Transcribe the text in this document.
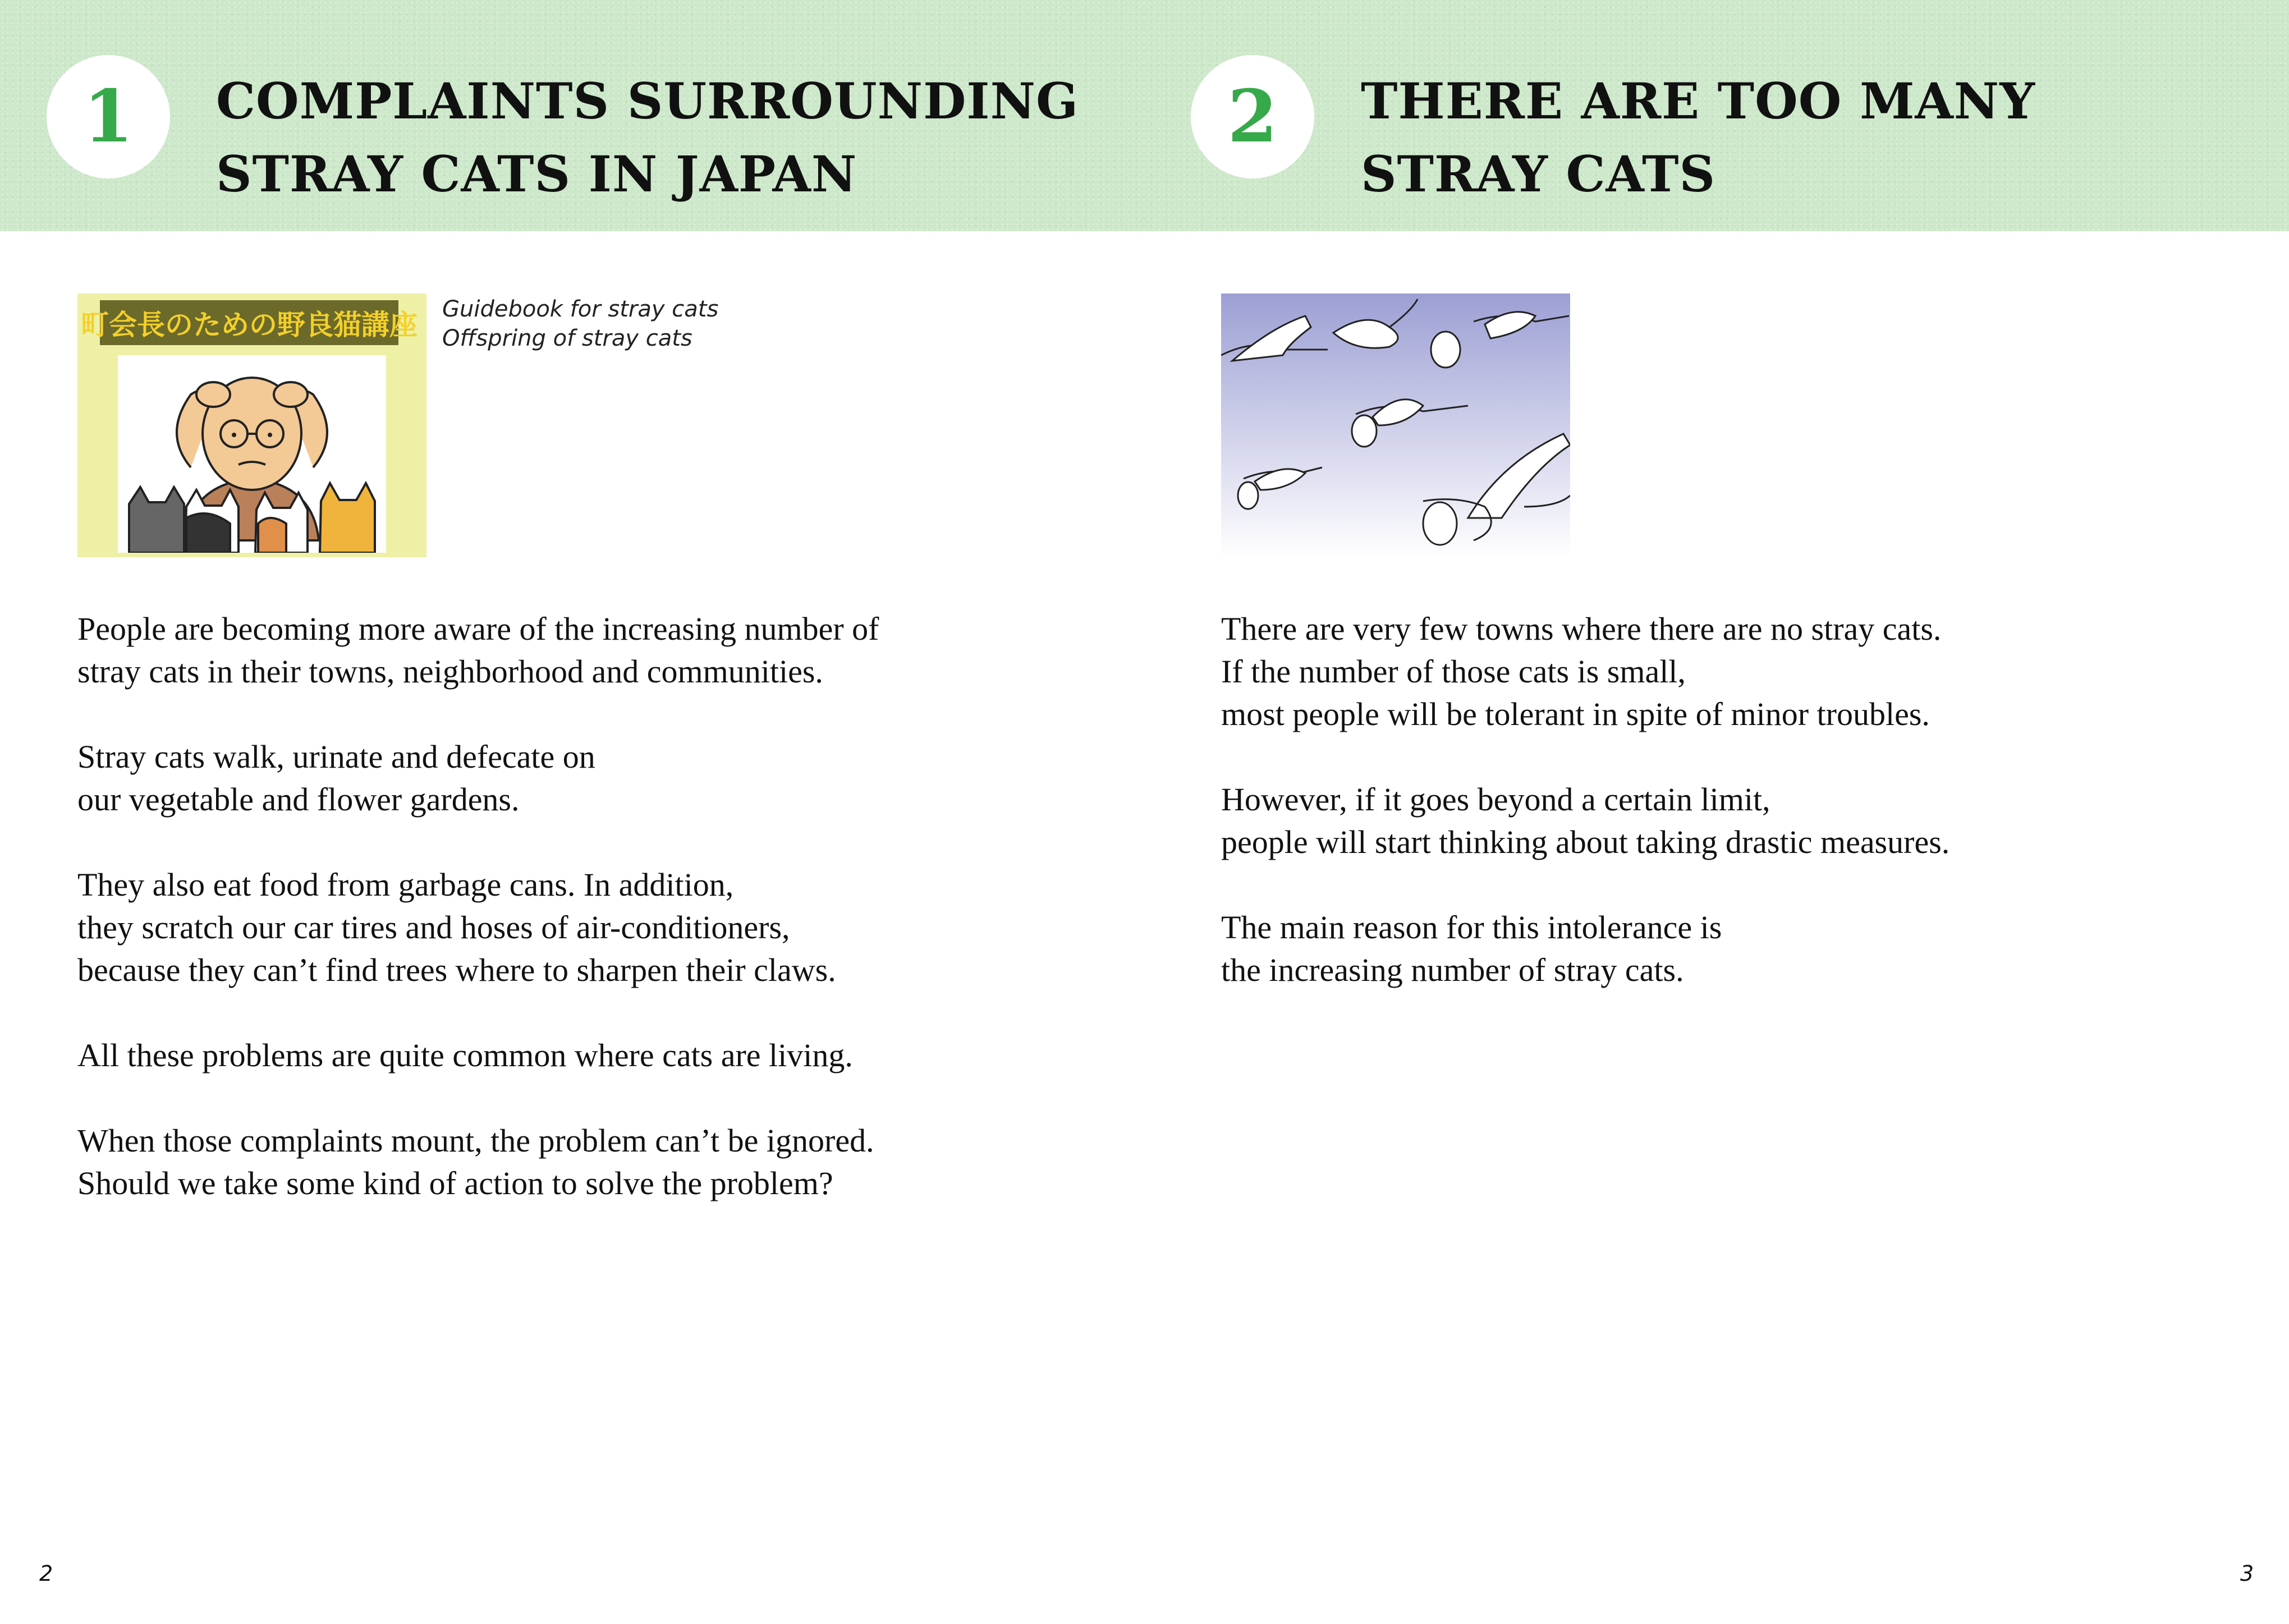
1 COMPLAINTS SURROUNDING
STRAY CATS IN JAPAN
2 THERE ARE TOO MANY
STRAY CATS
町会長のための野良猫講座 Guidebook for stray cats
Offspring of stray cats

People are becoming more aware of the increasing number of
stray cats in their towns, neighborhood and communities.

Stray cats walk, urinate and defecate on
our vegetable and flower gardens.

They also eat food from garbage cans. In addition,
they scratch our car tires and hoses of air-conditioners,
because they can’t find trees where to sharpen their claws.

All these problems are quite common where cats are living.

When those complaints mount, the problem can’t be ignored.
Should we take some kind of action to solve the problem?

There are very few towns where there are no stray cats.
If the number of those cats is small,
most people will be tolerant in spite of minor troubles.

However, if it goes beyond a certain limit,
people will start thinking about taking drastic measures.

The main reason for this intolerance is
the increasing number of stray cats.

2	3
